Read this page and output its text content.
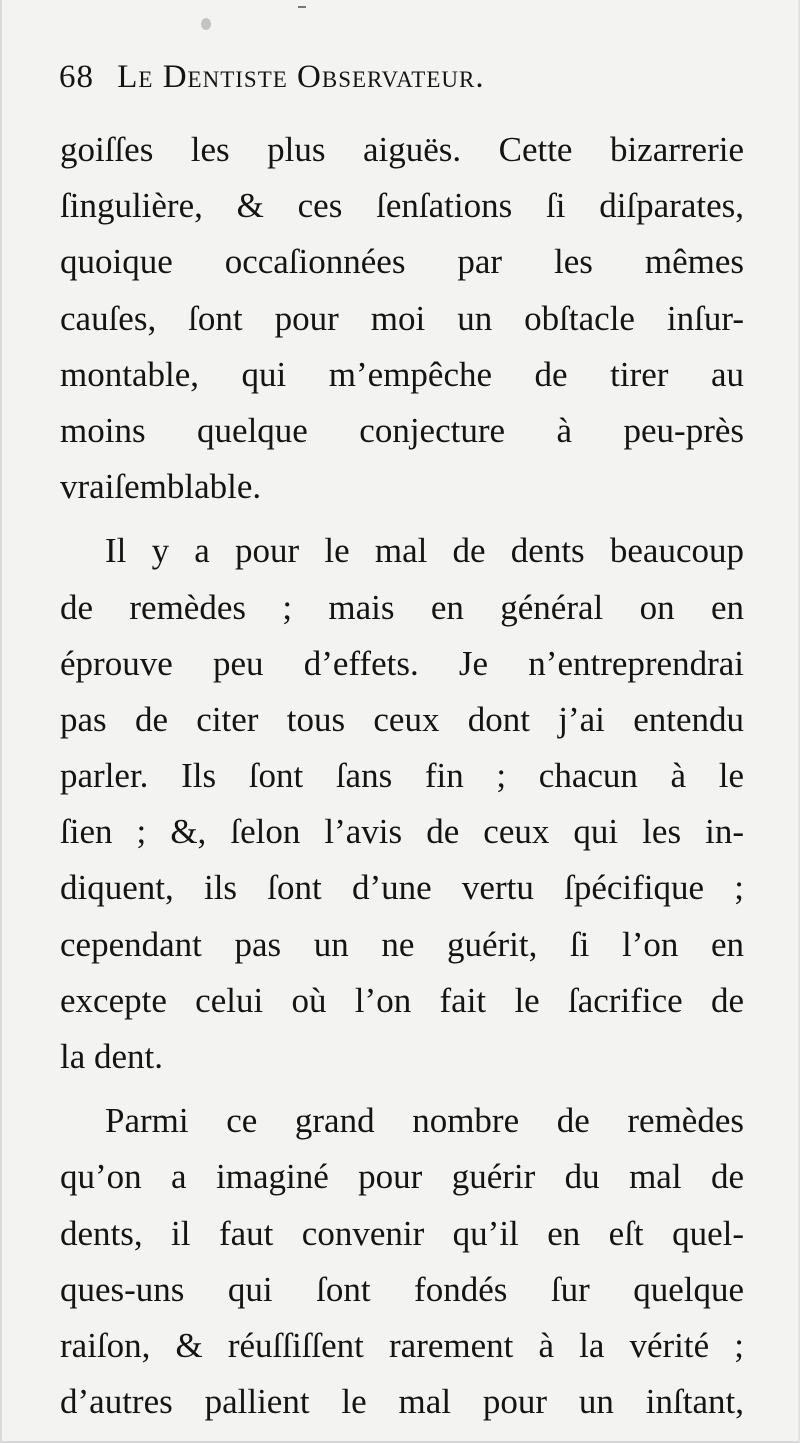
68 Le Dentiste Observateur.
goiſſes les plus aiguës. Cette bizarrerie
ſingulière, & ces ſenſations ſi diſparates,
quoique occaſionnées par les mêmes
cauſes, ſont pour moi un obſtacle inſur-
montable, qui m’empêche de tirer au
moins quelque conjecture à peu-près
vraiſemblable.
Il y a pour le mal de dents beaucoup
de remèdes ; mais en général on en
éprouve peu d’effets. Je n’entreprendrai
pas de citer tous ceux dont j’ai entendu
parler. Ils ſont ſans fin ; chacun à le
ſien ; &, ſelon l’avis de ceux qui les in-
diquent, ils ſont d’une vertu ſpécifique ;
cependant pas un ne guérit, ſi l’on en
excepte celui où l’on fait le ſacrifice de
la dent.
Parmi ce grand nombre de remèdes
qu’on a imaginé pour guérir du mal de
dents, il faut convenir qu’il en eſt quel-
ques-uns qui ſont fondés ſur quelque
raiſon, & réuſſiſſent rarement à la vérité ;
d’autres pallient le mal pour un inſtant,
